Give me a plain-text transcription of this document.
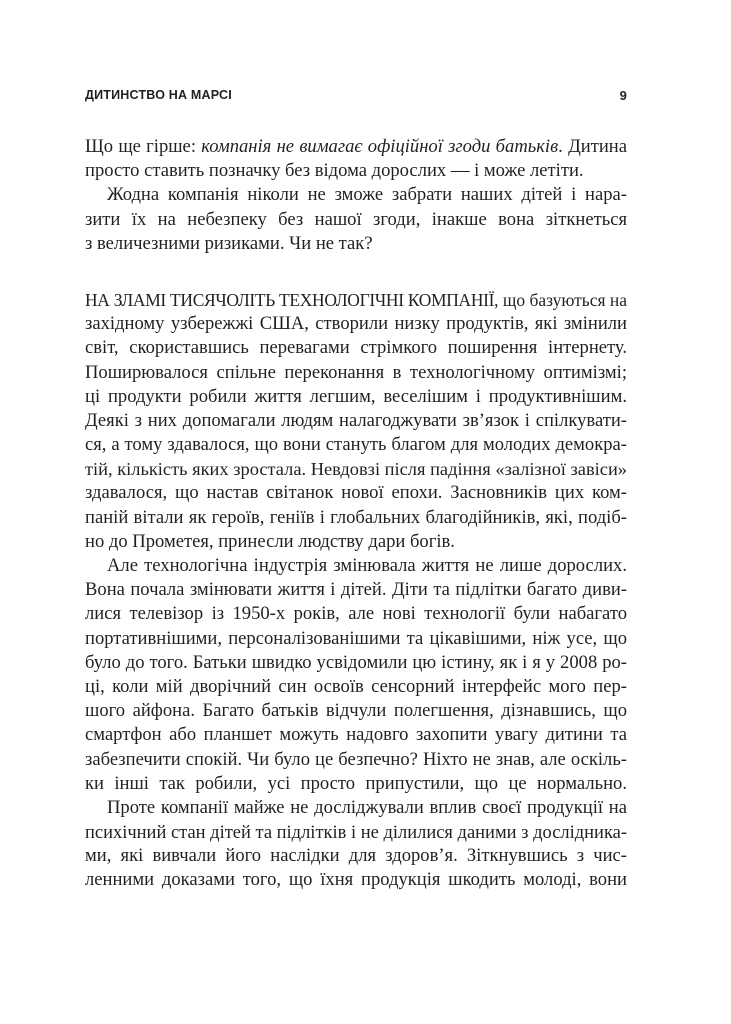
ДИТИНСТВО НА МАРСІ	9
Що ще гірше: компанія не вимагає офіційної згоди батьків. Дитина
просто ставить позначку без відома дорослих — і може летіти.
Жодна компанія ніколи не зможе забрати наших дітей і нара-
зити їх на небезпеку без нашої згоди, інакше вона зіткнеться
з величезними ризиками. Чи не так?
НА ЗЛАМІ ТИСЯЧОЛІТЬ ТЕХНОЛОГІЧНІ КОМПАНІЇ, що базуються на
західному узбережжі США, створили низку продуктів, які змінили
світ, скориставшись перевагами стрімкого поширення інтернету.
Поширювалося спільне переконання в технологічному оптимізмі;
ці продукти робили життя легшим, веселішим і продуктивнішим.
Деякі з них допомагали людям налагоджувати зв’язок і спілкувати-
ся, а тому здавалося, що вони стануть благом для молодих демокра-
тій, кількість яких зростала. Невдовзі після падіння «залізної завіси»
здавалося, що настав світанок нової епохи. Засновників цих ком-
паній вітали як героїв, геніїв і глобальних благодійників, які, подіб-
но до Прометея, принесли людству дари богів.
Але технологічна індустрія змінювала життя не лише дорослих.
Вона почала змінювати життя і дітей. Діти та підлітки багато диви-
лися телевізор із 1950-х років, але нові технології були набагато
портативнішими, персоналізованішими та цікавішими, ніж усе, що
було до того. Батьки швидко усвідомили цю істину, як і я у 2008 ро-
ці, коли мій дворічний син освоїв сенсорний інтерфейс мого пер-
шого айфона. Багато батьків відчули полегшення, дізнавшись, що
смартфон або планшет можуть надовго захопити увагу дитини та
забезпечити спокій. Чи було це безпечно? Ніхто не знав, але оскіль-
ки інші так робили, усі просто припустили, що це нормально.
Проте компанії майже не досліджували вплив своєї продукції на
психічний стан дітей та підлітків і не ділилися даними з дослідника-
ми, які вивчали його наслідки для здоров’я. Зіткнувшись з чис-
ленними доказами того, що їхня продукція шкодить молоді, вони
